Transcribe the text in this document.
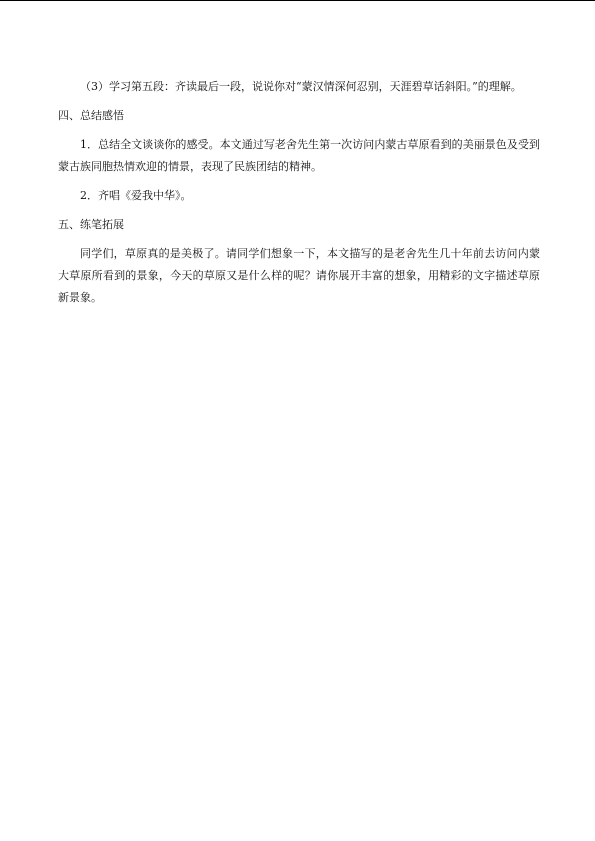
（3）学习第五段：齐读最后一段，说说你对“蒙汉情深何忍别，天涯碧草话斜阳。”的理解。

四、总结感悟

1．总结全文谈谈你的感受。本文通过写老舍先生第一次访问内蒙古草原看到的美丽景色及受到蒙古族同胞热情欢迎的情景，表现了民族团结的精神。

2．齐唱《爱我中华》。

五、练笔拓展

同学们，草原真的是美极了。请同学们想象一下，本文描写的是老舍先生几十年前去访问内蒙大草原所看到的景象，今天的草原又是什么样的呢？请你展开丰富的想象，用精彩的文字描述草原新景象。
